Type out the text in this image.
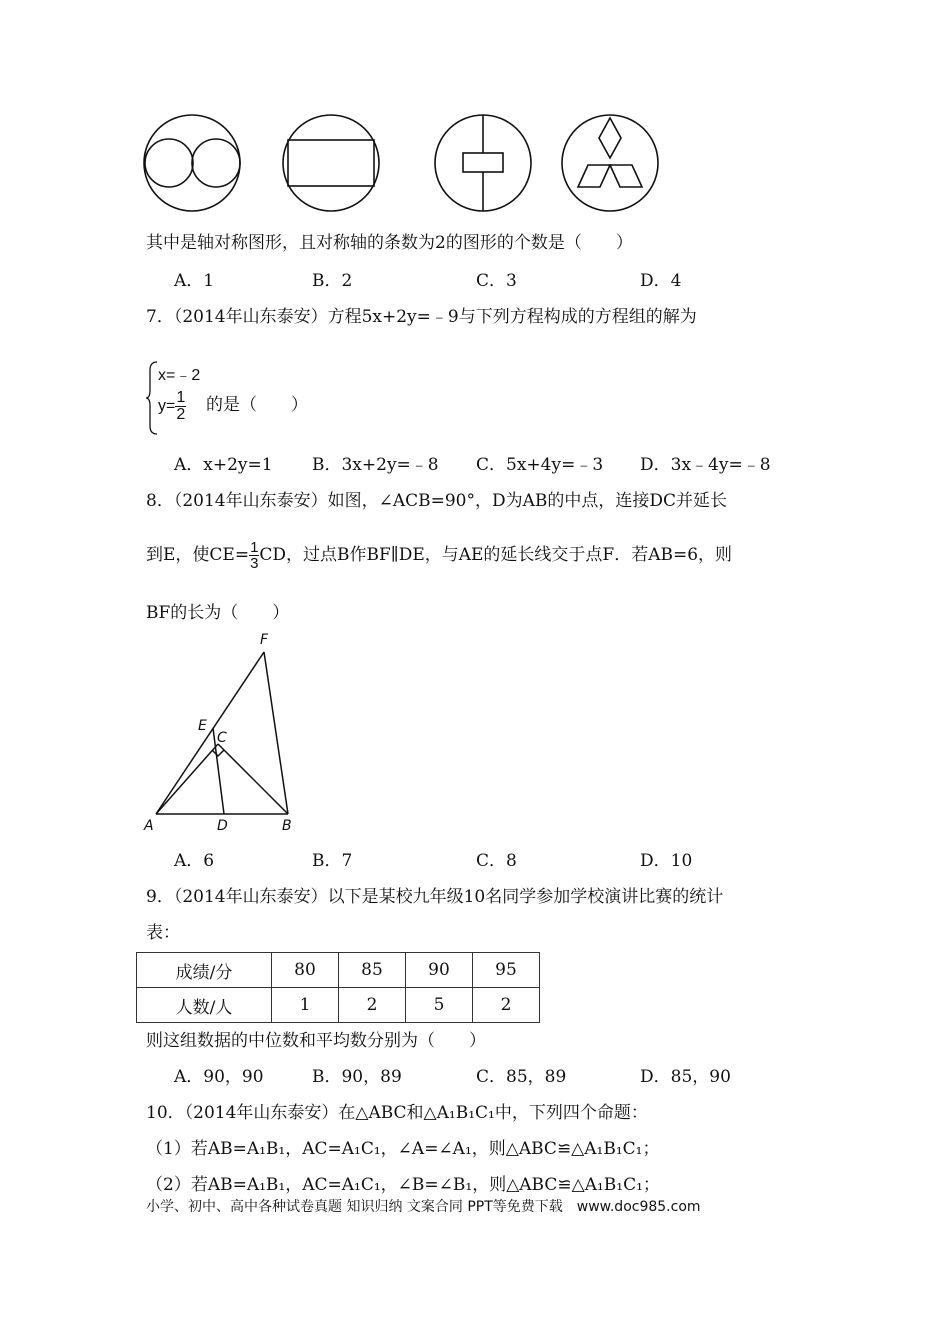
其中是轴对称图形，且对称轴的条数为2的图形的个数是（　　）
A．1	B．2	C．3	D．4
7．（2014年山东泰安）方程5x+2y=﹣9与下列方程构成的方程组的解为
x=﹣2
$y= \frac{1}{2}$ 的是（　　）
A．x+2y=1 B．3x+2y=﹣8 C．5x+4y=﹣3 D．3x﹣4y=﹣8
8．（2014年山东泰安）如图，∠ACB=90°，D为AB的中点，连接DC并延长
到E，使$CE= \frac{1}{3}$ CD，过点B作BF∥DE，与AE的延长线交于点F．若AB=6，则
BF的长为（　　）
F
E
C
A	D	B
A．6	B．7	C．8	D．10
9．（2014年山东泰安）以下是某校九年级10名同学参加学校演讲比赛的统计
表：
成绩/分	80	85	90	95
人数/人	1	2	5	2
则这组数据的中位数和平均数分别为（　　）
A．90，90	B．90，89	C．85，89	D．85，90
10．（2014年山东泰安）在△ABC和△A₁B₁C₁中，下列四个命题：
（1）若AB=A₁B₁，AC=A₁C₁，∠A=∠A₁，则△ABC≌△A₁B₁C₁；
（2）若AB=A₁B₁，AC=A₁C₁，∠B=∠B₁，则△ABC≌△A₁B₁C₁；
小学、初中、高中各种试卷真题 知识归纳 文案合同 PPT等免费下载　www.doc985.com
